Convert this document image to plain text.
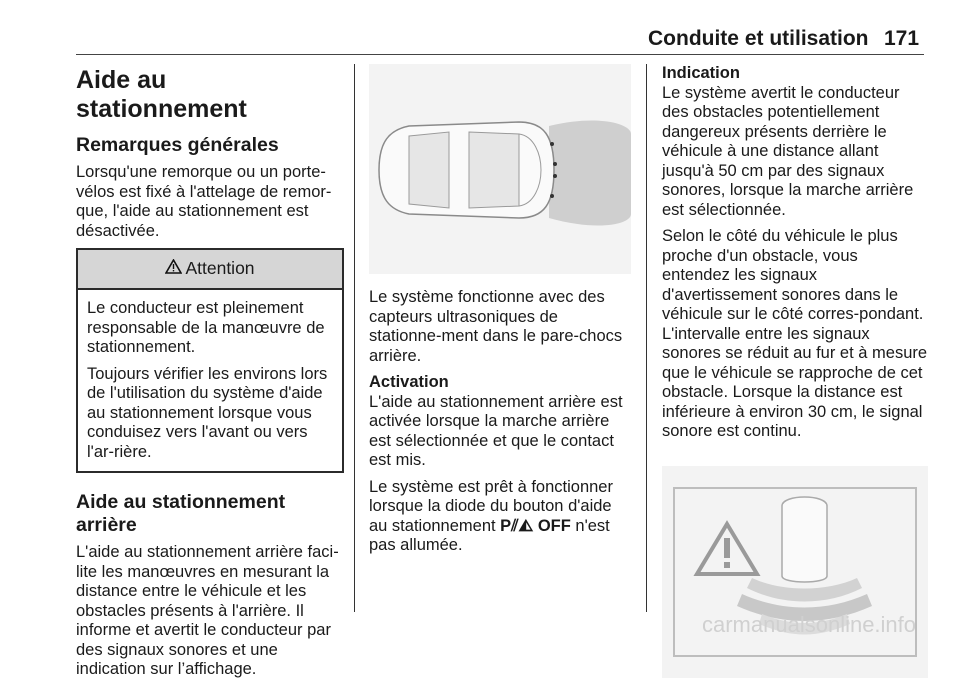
Conduite et utilisation 171
Aide au stationnement
Remarques générales

Lorsqu'une remorque ou un porte-vélos est fixé à l'attelage de remor-que, l'aide au stationnement est désactivée.

Attention

Le conducteur est pleinement responsable de la manœuvre de stationnement.

Toujours vérifier les environs lors de l'utilisation du système d'aide au stationnement lorsque vous conduisez vers l'avant ou vers l'ar-rière.

Aide au stationnement arrière

L'aide au stationnement arrière faci-lite les manœuvres en mesurant la distance entre le véhicule et les obstacles présents à l'arrière. Il informe et avertit le conducteur par des signaux sonores et une indication sur l’affichage.

Le système fonctionne avec des capteurs ultrasoniques de stationne-ment dans le pare-chocs arrière.

Activation

L'aide au stationnement arrière est activée lorsque la marche arrière est sélectionnée et que le contact est mis.

Le système est prêt à fonctionner lorsque la diode du bouton d'aide au stationnement P⫽◭ OFF n'est pas allumée.

Indication

Le système avertit le conducteur des obstacles potentiellement dangereux présents derrière le véhicule à une distance allant jusqu'à 50 cm par des signaux sonores, lorsque la marche arrière est sélectionnée.

Selon le côté du véhicule le plus proche d'un obstacle, vous entendez les signaux d'avertissement sonores dans le véhicule sur le côté corres-pondant. L'intervalle entre les signaux sonores se réduit au fur et à mesure que le véhicule se rapproche de cet obstacle. Lorsque la distance est inférieure à environ 30 cm, le signal sonore est continu.

carmanualsonline.info
